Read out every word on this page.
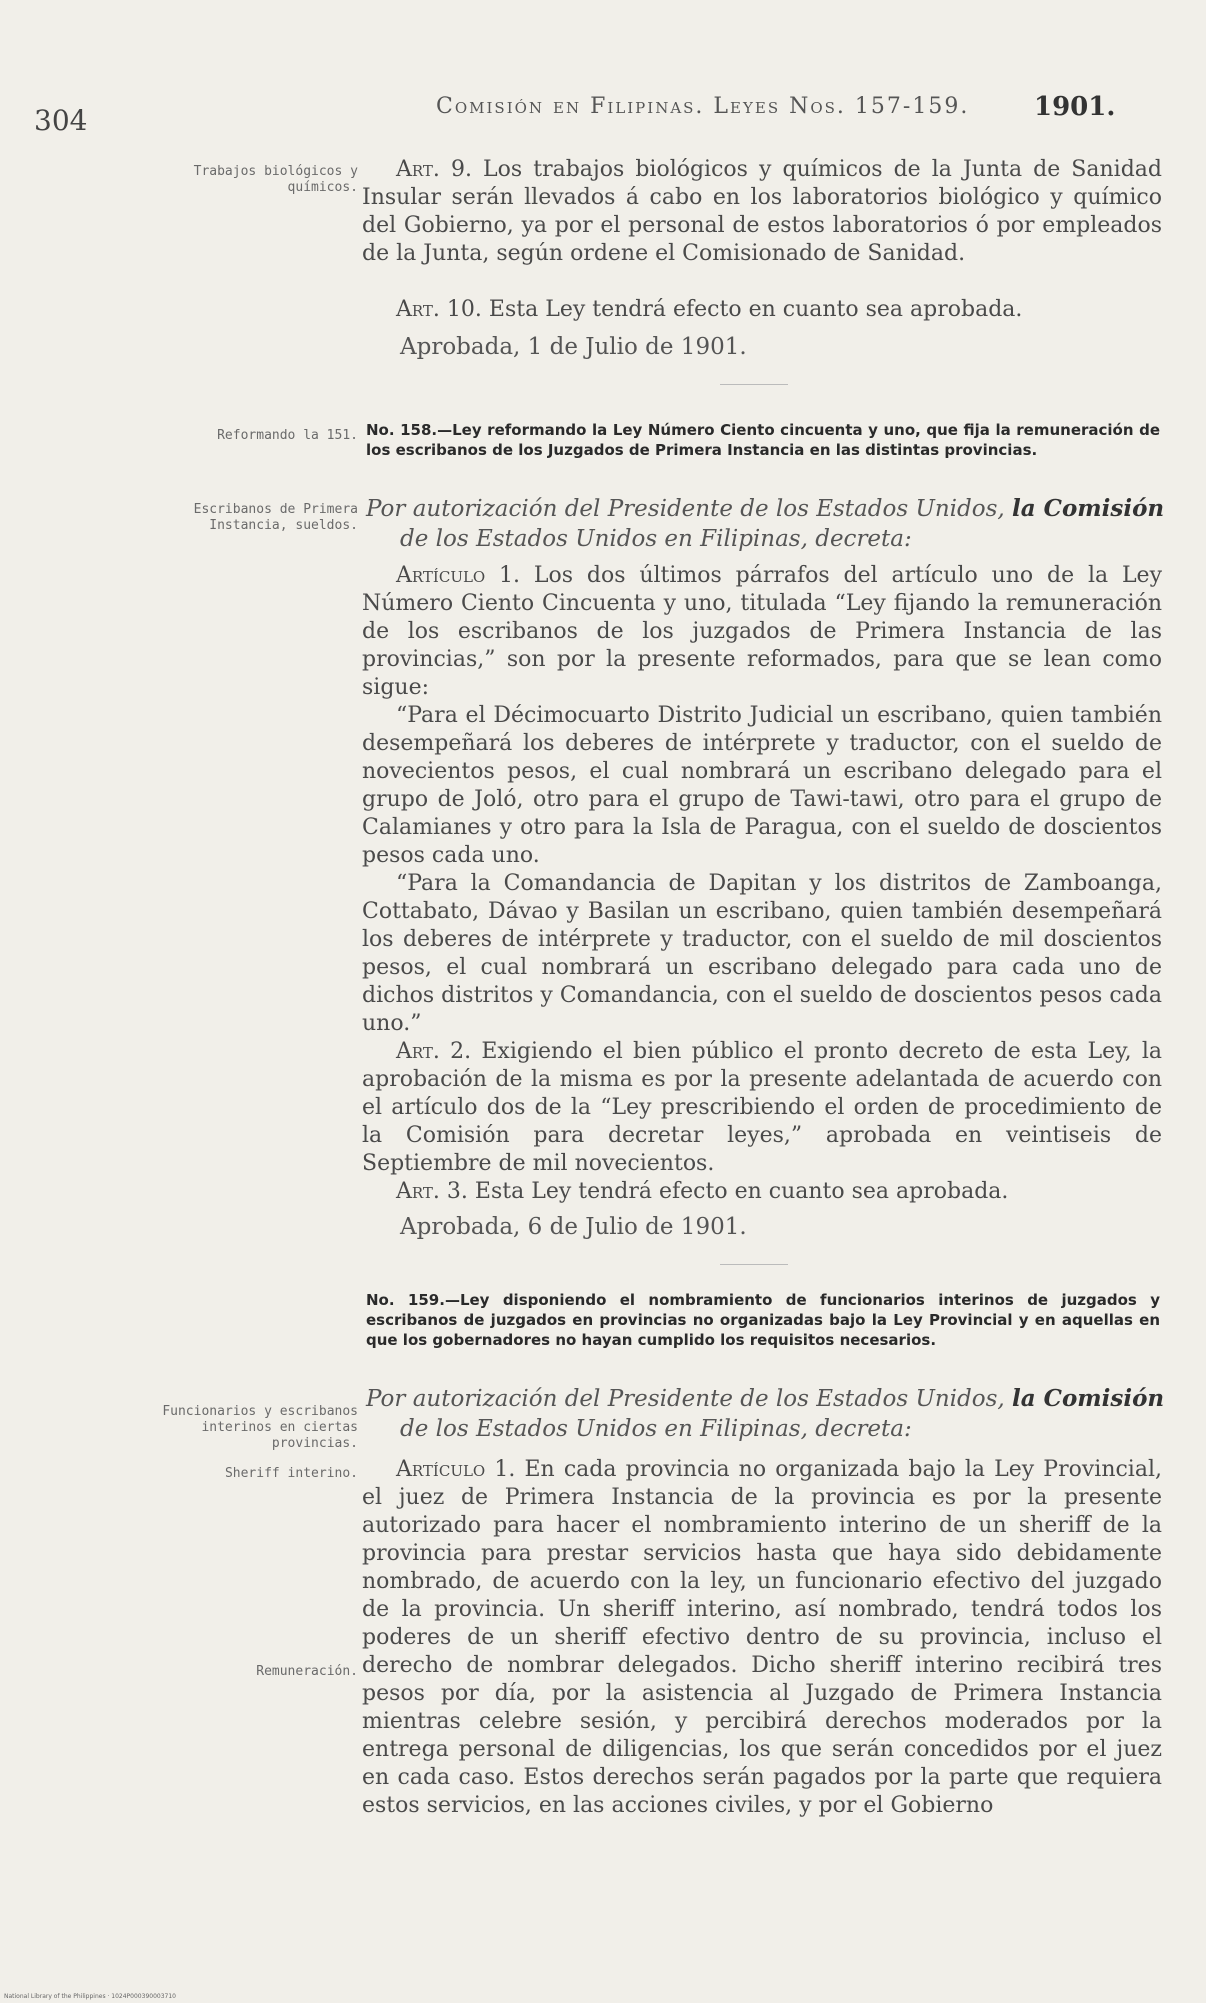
304	Comisión en Filipinas. Leyes Nos. 157-159. 1901.
Trabajos biológicos y químicos.
Art. 9. Los trabajos biológicos y químicos de la Junta de Sanidad Insular serán llevados á cabo en los laboratorios biológico y químico del Gobierno, ya por el personal de estos laboratorios ó por empleados de la Junta, según ordene el Comisionado de Sanidad.
Art. 10. Esta Ley tendrá efecto en cuanto sea aprobada.
Aprobada, 1 de Julio de 1901.
Reformando la 151. No. 158.—Ley reformando la Ley Número Ciento cincuenta y uno, que fija la remuneración de los escribanos de los Juzgados de Primera Instancia en las distintas provincias.
Escribanos de Primera Instancia, sueldos.
Por autorización del Presidente de los Estados Unidos, la Comisión
de los Estados Unidos en Filipinas, decreta:
Artículo 1. Los dos últimos párrafos del artículo uno de la Ley Número Ciento Cincuenta y uno, titulada “Ley fijando la remuneración de los escribanos de los juzgados de Primera Instancia de las provincias,” son por la presente reformados, para que se lean como sigue:
“Para el Décimocuarto Distrito Judicial un escribano, quien también desempeñará los deberes de intérprete y traductor, con el sueldo de novecientos pesos, el cual nombrará un escribano delegado para el grupo de Joló, otro para el grupo de Tawi-tawi, otro para el grupo de Calamianes y otro para la Isla de Paragua, con el sueldo de doscientos pesos cada uno.
“Para la Comandancia de Dapitan y los distritos de Zamboanga, Cottabato, Dávao y Basilan un escribano, quien también desempeñará los deberes de intérprete y traductor, con el sueldo de mil doscientos pesos, el cual nombrará un escribano delegado para cada uno de dichos distritos y Comandancia, con el sueldo de doscientos pesos cada uno.”
Art. 2. Exigiendo el bien público el pronto decreto de esta Ley, la aprobación de la misma es por la presente adelantada de acuerdo con el artículo dos de la “Ley prescribiendo el orden de procedimiento de la Comisión para decretar leyes,” aprobada en veintiseis de Septiembre de mil novecientos.
Art. 3. Esta Ley tendrá efecto en cuanto sea aprobada.
Aprobada, 6 de Julio de 1901.
No. 159.—Ley disponiendo el nombramiento de funcionarios interinos de juzgados y escribanos de juzgados en provincias no organizadas bajo la Ley Provincial y en aquellas en que los gobernadores no hayan cumplido los requisitos necesarios.
Funcionarios y escribanos interinos en ciertas provincias.
Por autorización del Presidente de los Estados Unidos, la Comisión
de los Estados Unidos en Filipinas, decreta:
Sheriff interino.
Remuneración.
Artículo 1. En cada provincia no organizada bajo la Ley Provincial, el juez de Primera Instancia de la provincia es por la presente autorizado para hacer el nombramiento interino de un sheriff de la provincia para prestar servicios hasta que haya sido debidamente nombrado, de acuerdo con la ley, un funcionario efectivo del juzgado de la provincia. Un sheriff interino, así nombrado, tendrá todos los poderes de un sheriff efectivo dentro de su provincia, incluso el derecho de nombrar delegados. Dicho sheriff interino recibirá tres pesos por día, por la asistencia al Juzgado de Primera Instancia mientras celebre sesión, y percibirá derechos moderados por la entrega personal de diligencias, los que serán concedidos por el juez en cada caso. Estos derechos serán pagados por la parte que requiera estos servicios, en las acciones civiles, y por el Gobierno
National Library of the Philippines · 1024P000390003710
